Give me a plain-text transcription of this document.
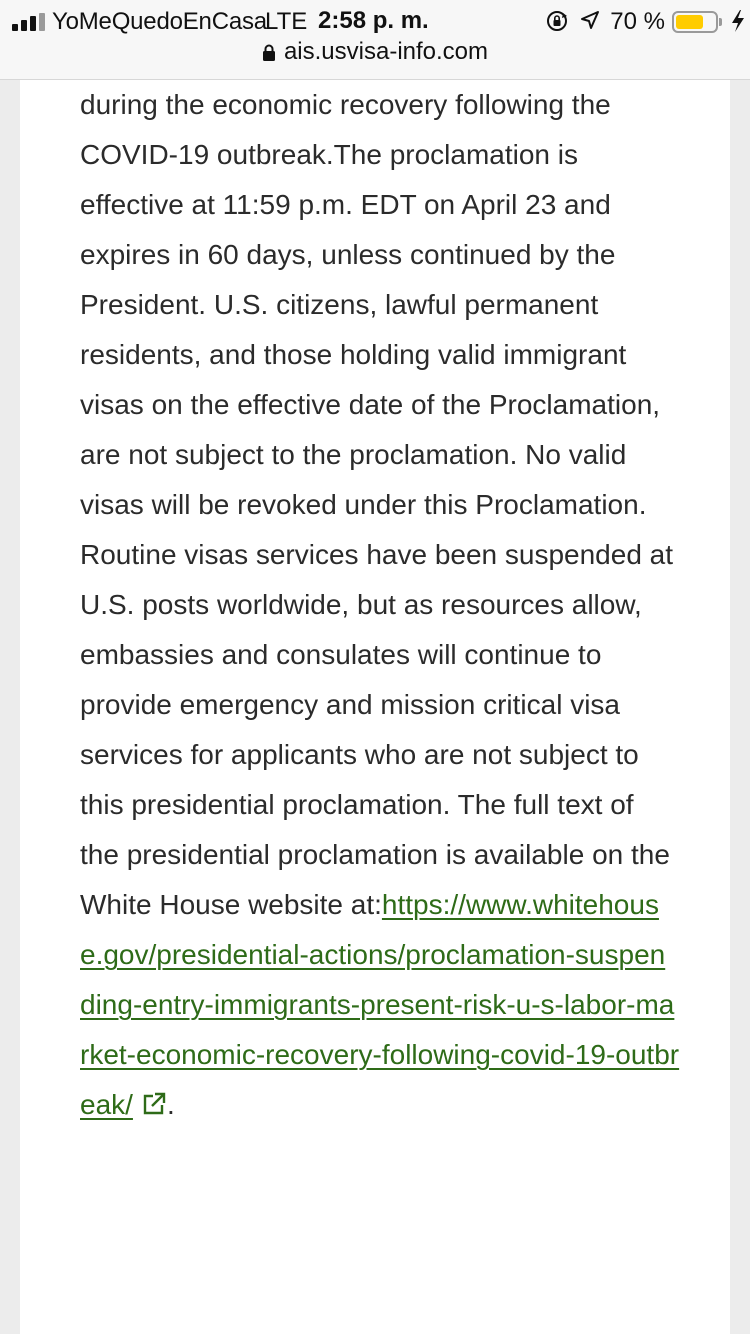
YoMeQuedoEnCasa
LTE 2:58 p. m.	70 %
ais.usvisa-info.com

during the economic recovery following the COVID-19 outbreak.The proclamation is effective at 11:59 p.m. EDT on April 23 and expires in 60 days, unless continued by the President. U.S. citizens, lawful permanent residents, and those holding valid immigrant visas on the effective date of the Proclamation, are not subject to the proclamation. No valid visas will be revoked under this Proclamation. Routine visas services have been suspended at U.S. posts worldwide, but as resources allow, embassies and consulates will continue to provide emergency and mission critical visa services for applicants who are not subject to this presidential proclamation. The full text of the presidential proclamation is available on the White House website at:https://www.whitehouse.gov/presidential-actions/proclamation-suspending-entry-immigrants-present-risk-u-s-labor-market-economic-recovery-following-covid-19-outbreak/ .
